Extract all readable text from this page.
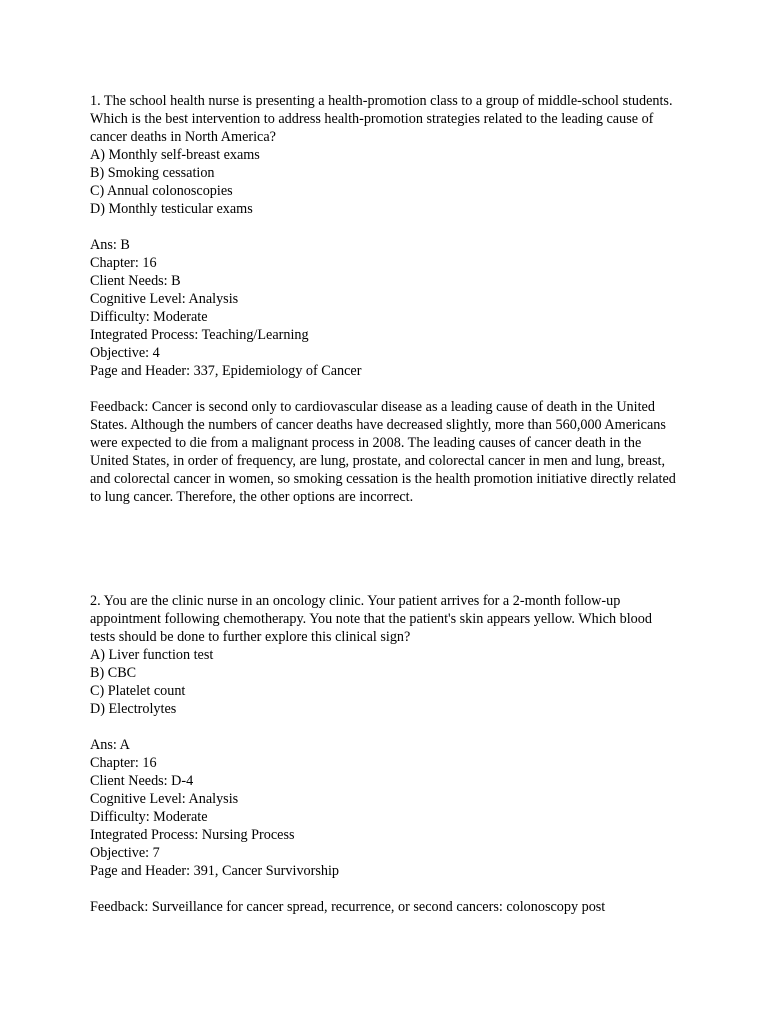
1. The school health nurse is presenting a health-promotion class to a group of middle-school students. Which is the best intervention to address health-promotion strategies related to the leading cause of cancer deaths in North America?
A) Monthly self-breast exams
B) Smoking cessation
C) Annual colonoscopies
D) Monthly testicular exams
Ans: B
Chapter: 16
Client Needs: B
Cognitive Level: Analysis
Difficulty: Moderate
Integrated Process: Teaching/Learning
Objective: 4
Page and Header: 337, Epidemiology of Cancer
Feedback: Cancer is second only to cardiovascular disease as a leading cause of death in the United States. Although the numbers of cancer deaths have decreased slightly, more than 560,000 Americans were expected to die from a malignant process in 2008. The leading causes of cancer death in the United States, in order of frequency, are lung, prostate, and colorectal cancer in men and lung, breast, and colorectal cancer in women, so smoking cessation is the health promotion initiative directly related to lung cancer. Therefore, the other options are incorrect.
2. You are the clinic nurse in an oncology clinic. Your patient arrives for a 2-month follow-up appointment following chemotherapy. You note that the patient's skin appears yellow. Which blood tests should be done to further explore this clinical sign?
A) Liver function test
B) CBC
C) Platelet count
D) Electrolytes
Ans: A
Chapter: 16
Client Needs: D-4
Cognitive Level: Analysis
Difficulty: Moderate
Integrated Process: Nursing Process
Objective: 7
Page and Header: 391, Cancer Survivorship
Feedback: Surveillance for cancer spread, recurrence, or second cancers: colonoscopy post
